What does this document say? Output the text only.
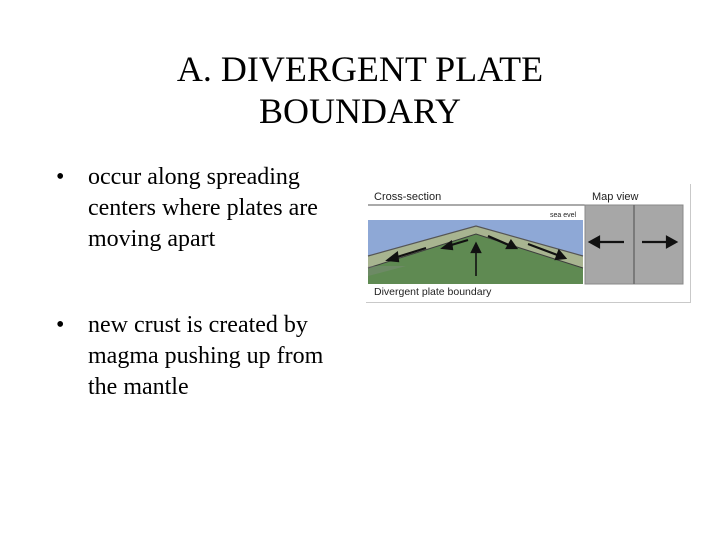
A. DIVERGENT PLATE BOUNDARY
• occur along spreading centers where plates are moving apart
• new crust is created by magma pushing up from the mantle
Cross-section	Map view
sea evel
Divergent plate boundary
